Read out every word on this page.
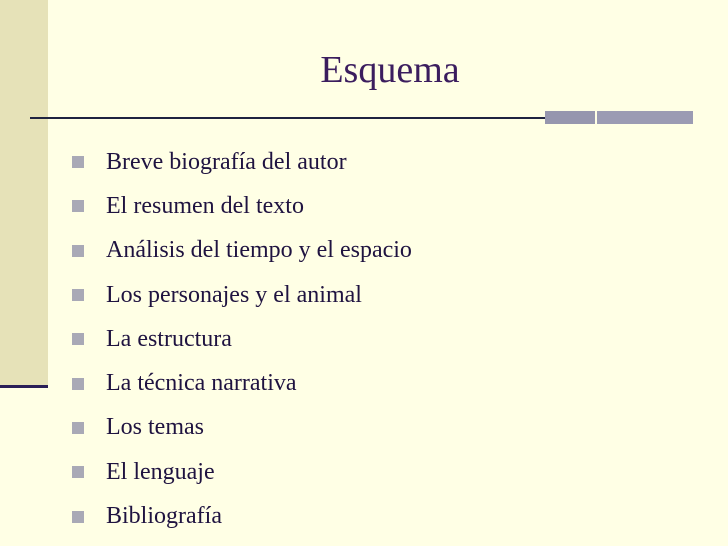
Esquema
Breve biografía del autor
El resumen del texto
Análisis del tiempo y el espacio
Los personajes y el animal
La estructura
La técnica narrativa
Los temas
El lenguaje
Bibliografía
